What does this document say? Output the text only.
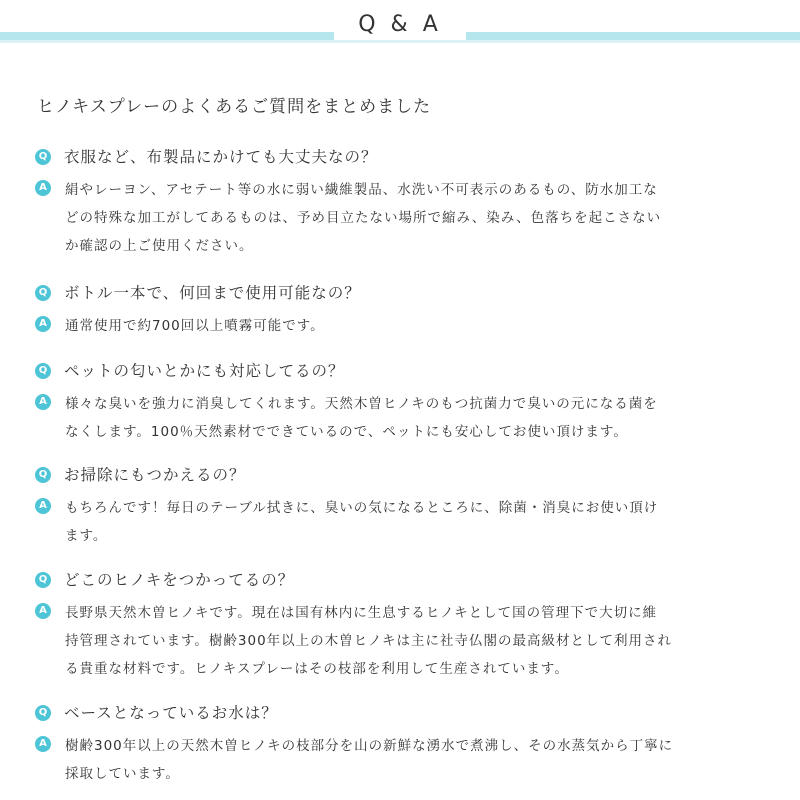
Q & A

ヒノキスプレーのよくあるご質問をまとめました

Q 衣服など、布製品にかけても大丈夫なの？
A	絹やレーヨン、アセテート等の水に弱い繊維製品、水洗い不可表示のあるもの、防水加工な
どの特殊な加工がしてあるものは、予め目立たない場所で縮み、染み、色落ちを起こさない
か確認の上ご使用ください。
Q ボトル一本で、何回まで使用可能なの？
A	通常使用で約700回以上噴霧可能です。
Q ペットの匂いとかにも対応してるの？
A	様々な臭いを強力に消臭してくれます。天然木曽ヒノキのもつ抗菌力で臭いの元になる菌を
なくします。100％天然素材でできているので、ペットにも安心してお使い頂けます。
Q お掃除にもつかえるの？
A	もちろんです！毎日のテーブル拭きに、臭いの気になるところに、除菌・消臭にお使い頂け
ます。
Q どこのヒノキをつかってるの？
A	長野県天然木曽ヒノキです。現在は国有林内に生息するヒノキとして国の管理下で大切に維
持管理されています。樹齢300年以上の木曽ヒノキは主に社寺仏閣の最高級材として利用され
る貴重な材料です。ヒノキスプレーはその枝部を利用して生産されています。
Q ベースとなっているお水は？
A	樹齢300年以上の天然木曽ヒノキの枝部分を山の新鮮な湧水で煮沸し、その水蒸気から丁寧に
採取しています。
